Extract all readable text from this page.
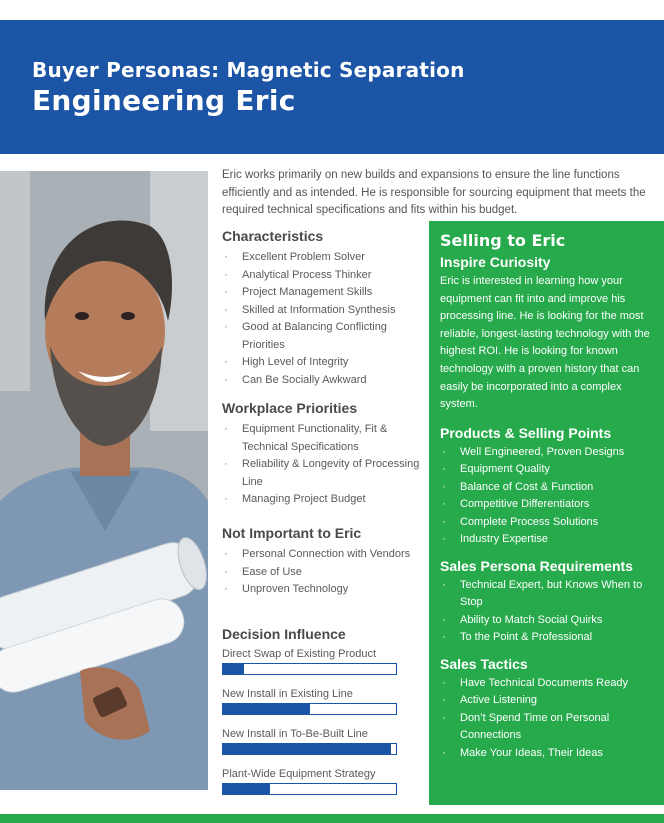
Buyer Personas: Magnetic Separation
Engineering Eric
Eric works primarily on new builds and expansions to ensure the line functions efficiently and as intended. He is responsible for sourcing equipment that meets the required technical specifications and fits within his budget.
Characteristics
· Excellent Problem Solver
· Analytical Process Thinker
· Project Management Skills
· Skilled at Information Synthesis
· Good at Balancing Conflicting Priorities
· High Level of Integrity
· Can Be Socially Awkward
Workplace Priorities
· Equipment Functionality, Fit & Technical Specifications
· Reliability & Longevity of Processing Line
· Managing Project Budget
Not Important to Eric
· Personal Connection with Vendors
· Ease of Use
· Unproven Technology
Decision Influence
Direct Swap of Existing Product
New Install in Existing Line
New Install in To-Be-Built Line
Plant-Wide Equipment Strategy
Selling to Eric
Inspire Curiosity
Eric is interested in learning how your equipment can fit into and improve his processing line. He is looking for the most reliable, longest-lasting technology with the highest ROI. He is looking for known technology with a proven history that can easily be incorporated into a complex system.
Products & Selling Points
· Well Engineered, Proven Designs
· Equipment Quality
· Balance of Cost & Function
· Competitive Differentiators
· Complete Process Solutions
· Industry Expertise
Sales Persona Requirements
· Technical Expert, but Knows When to Stop
· Ability to Match Social Quirks
· To the Point & Professional
Sales Tactics
· Have Technical Documents Ready
· Active Listening
· Don’t Spend Time on Personal Connections
· Make Your Ideas, Their Ideas
